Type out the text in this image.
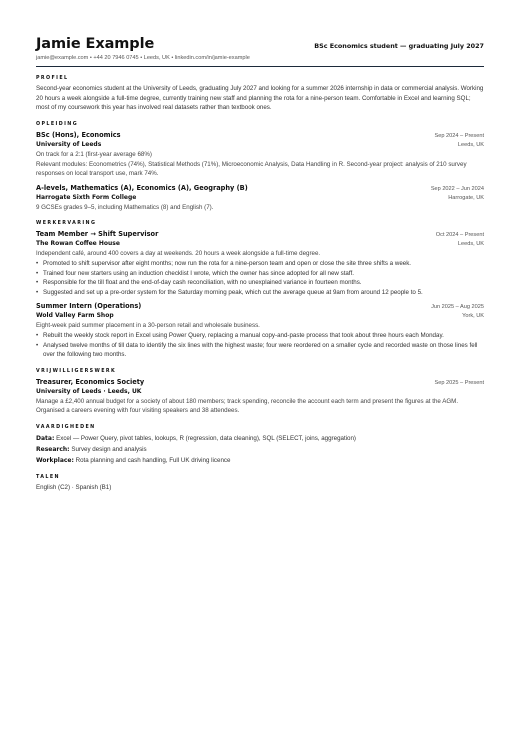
Jamie Example	BSc Economics student — graduating July 2027
jamie@example.com • +44 20 7946 0745 • Leeds, UK • linkedin.com/in/jamie-example
PROFIEL
Second-year economics student at the University of Leeds, graduating July 2027 and looking for a summer 2026 internship in data or commercial analysis. Working 20 hours a week alongside a full-time degree, currently training new staff and planning the rota for a nine-person team. Comfortable in Excel and learning SQL; most of my coursework this year has involved real datasets rather than textbook ones.
OPLEIDING
BSc (Hons), Economics	Sep 2024 – Present
University of Leeds	Leeds, UK
On track for a 2:1 (first-year average 68%)
Relevant modules: Econometrics (74%), Statistical Methods (71%), Microeconomic Analysis, Data Handling in R. Second-year project: analysis of 210 survey responses on local transport use, mark 74%.
A-levels, Mathematics (A), Economics (A), Geography (B)	Sep 2022 – Jun 2024
Harrogate Sixth Form College	Harrogate, UK
9 GCSEs grades 9–5, including Mathematics (8) and English (7).
WERKERVARING
Team Member → Shift Supervisor	Oct 2024 – Present
The Rowan Coffee House	Leeds, UK
Independent café, around 400 covers a day at weekends. 20 hours a week alongside a full-time degree.
• Promoted to shift supervisor after eight months; now run the rota for a nine-person team and open or close the site three shifts a week.
• Trained four new starters using an induction checklist I wrote, which the owner has since adopted for all new staff.
• Responsible for the till float and the end-of-day cash reconciliation, with no unexplained variance in fourteen months.
• Suggested and set up a pre-order system for the Saturday morning peak, which cut the average queue at 9am from around 12 people to 5.
Summer Intern (Operations)	Jun 2025 – Aug 2025
Wold Valley Farm Shop	York, UK
Eight-week paid summer placement in a 30-person retail and wholesale business.
• Rebuilt the weekly stock report in Excel using Power Query, replacing a manual copy-and-paste process that took about three hours each Monday.
• Analysed twelve months of till data to identify the six lines with the highest waste; four were reordered on a smaller cycle and recorded waste on those lines fell over the following two months.
VRIJWILLIGERSWERK
Treasurer, Economics Society	Sep 2025 – Present
University of Leeds · Leeds, UK
Manage a £2,400 annual budget for a society of about 180 members; track spending, reconcile the account each term and present the figures at the AGM. Organised a careers evening with four visiting speakers and 38 attendees.
VAARDIGHEDEN
Data: Excel — Power Query, pivot tables, lookups, R (regression, data cleaning), SQL (SELECT, joins, aggregation)
Research: Survey design and analysis
Workplace: Rota planning and cash handling, Full UK driving licence
TALEN
English (C2) · Spanish (B1)
